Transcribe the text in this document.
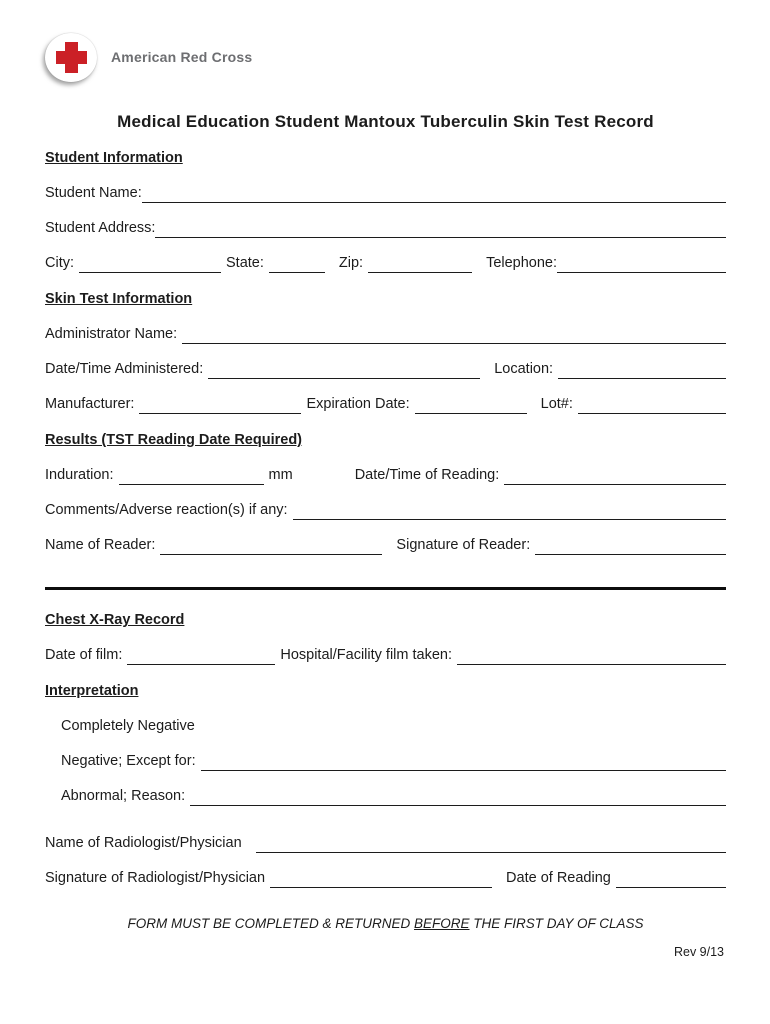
American Red Cross
Medical Education Student Mantoux Tuberculin Skin Test Record
Student Information
Student Name:
Student Address:
City:	State:	Zip:	Telephone:
Skin Test Information
Administrator Name:
Date/Time Administered:	Location:
Manufacturer:	Expiration Date:	Lot#:
Results (TST Reading Date Required)
Induration:	mm	Date/Time of Reading:
Comments/Adverse reaction(s) if any:
Name of Reader:	Signature of Reader:
Chest X-Ray Record
Date of film:	Hospital/Facility film taken:
Interpretation
Completely Negative
Negative; Except for:
Abnormal; Reason:
Name of Radiologist/Physician
Signature of Radiologist/Physician	Date of Reading
FORM MUST BE COMPLETED & RETURNED BEFORE THE FIRST DAY OF CLASS
Rev 9/13
